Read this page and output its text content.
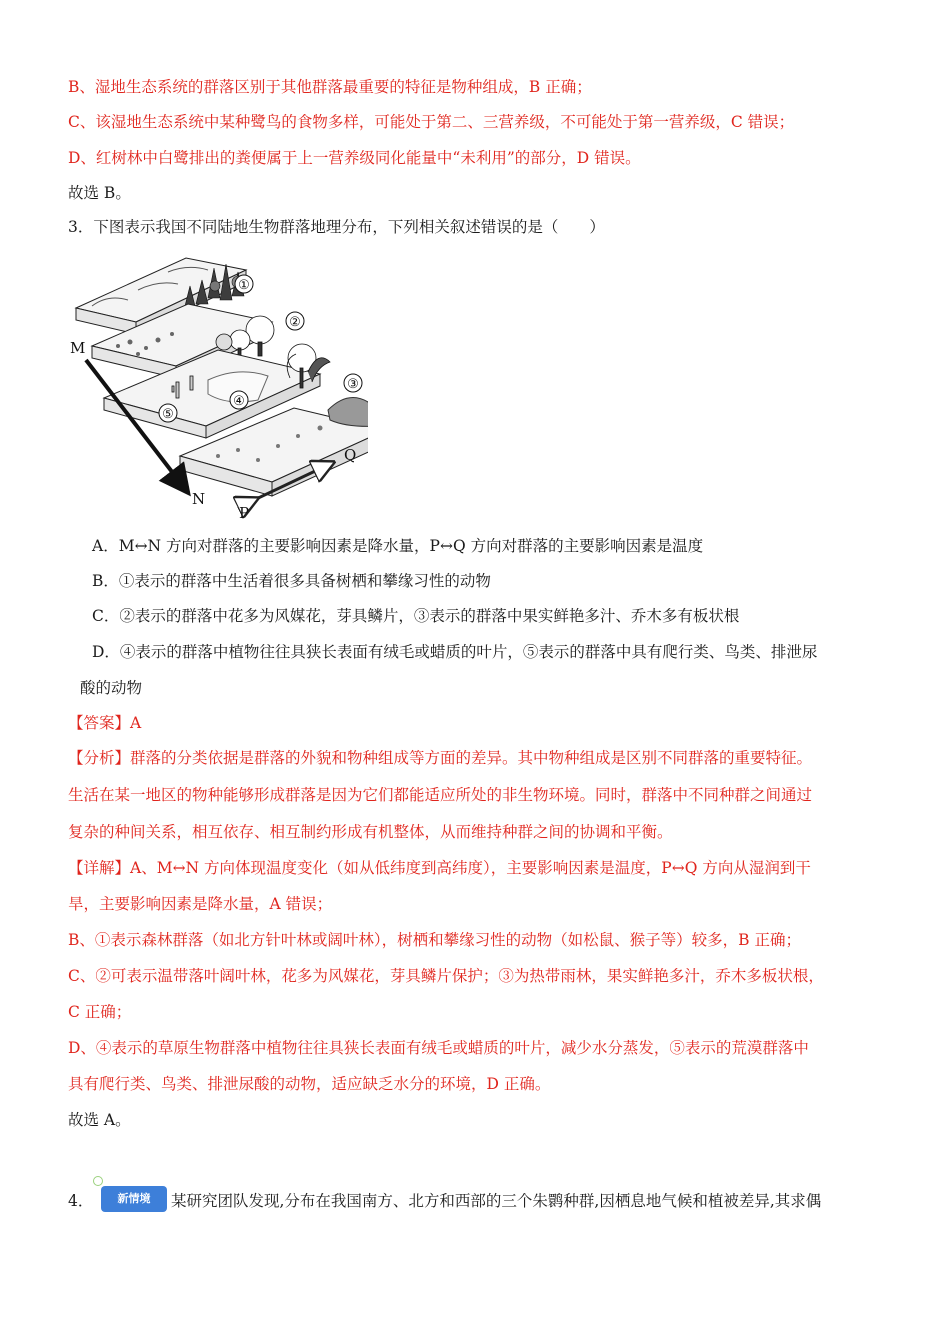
B、湿地生态系统的群落区别于其他群落最重要的特征是物种组成，B 正确；
C、该湿地生态系统中某种鹭鸟的食物多样，可能处于第二、三营养级，不可能处于第一营养级，C 错误；
D、红树林中白鹭排出的粪便属于上一营养级同化能量中“未利用”的部分，D 错误。
故选 B。
3．下图表示我国不同陆地生物群落地理分布，下列相关叙述错误的是（　　）
①
②
③
④
⑤
M
N
P
Q
A．M↔N 方向对群落的主要影响因素是降水量，P↔Q 方向对群落的主要影响因素是温度
B．①表示的群落中生活着很多具备树栖和攀缘习性的动物
C．②表示的群落中花多为风媒花，芽具鳞片，③表示的群落中果实鲜艳多汁、乔木多有板状根
D．④表示的群落中植物往往具狭长表面有绒毛或蜡质的叶片，⑤表示的群落中具有爬行类、鸟类、排泄尿
酸的动物
【答案】A
【分析】群落的分类依据是群落的外貌和物种组成等方面的差异。其中物种组成是区别不同群落的重要特征。
生活在某一地区的物种能够形成群落是因为它们都能适应所处的非生物环境。同时，群落中不同种群之间通过
复杂的种间关系，相互依存、相互制约形成有机整体，从而维持种群之间的协调和平衡。
【详解】A、M↔N 方向体现温度变化（如从低纬度到高纬度），主要影响因素是温度，P↔Q 方向从湿润到干
旱，主要影响因素是降水量，A 错误；
B、①表示森林群落（如北方针叶林或阔叶林），树栖和攀缘习性的动物（如松鼠、猴子等）较多，B 正确；
C、②可表示温带落叶阔叶林，花多为风媒花，芽具鳞片保护；③为热带雨林，果实鲜艳多汁，乔木多板状根，
C 正确；
D、④表示的草原生物群落中植物往往具狭长表面有绒毛或蜡质的叶片，减少水分蒸发，⑤表示的荒漠群落中
具有爬行类、鸟类、排泄尿酸的动物，适应缺乏水分的环境，D 正确。
故选 A。
4．	新情境	某研究团队发现,分布在我国南方、北方和西部的三个朱鹮种群,因栖息地气候和植被差异,其求偶
